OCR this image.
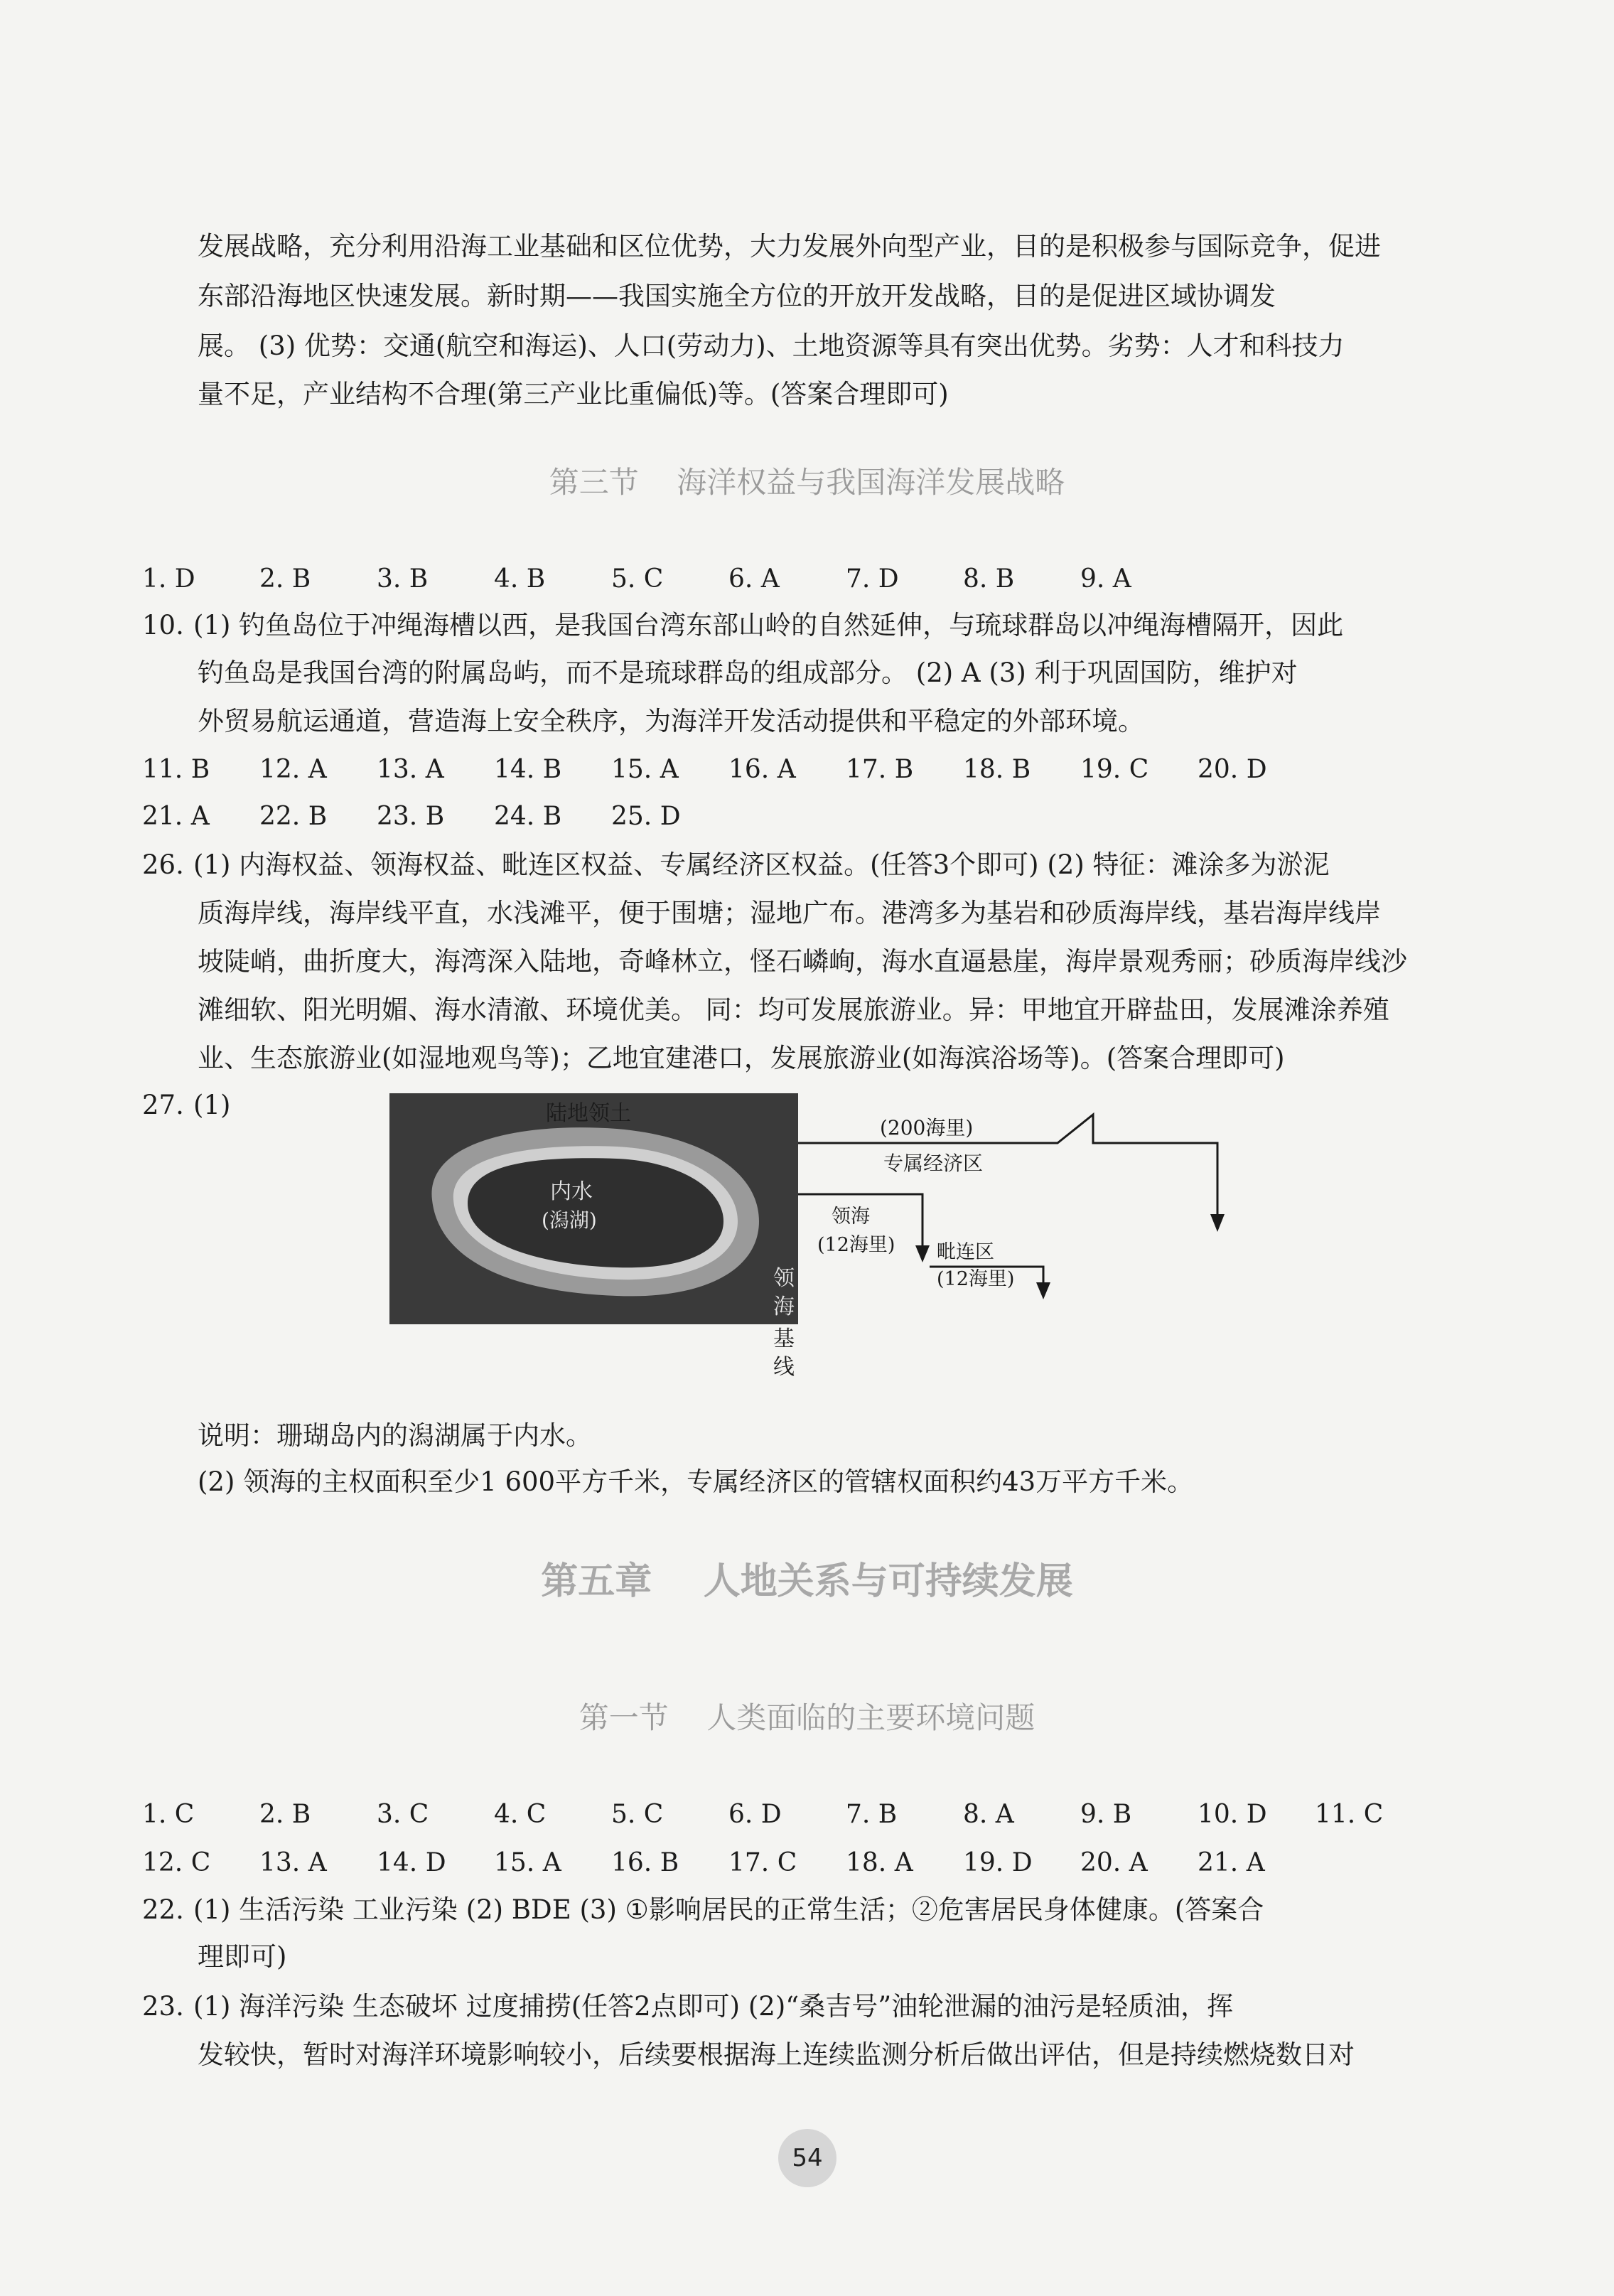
发展战略，充分利用沿海工业基础和区位优势，大力发展外向型产业，目的是积极参与国际竞争，促进
东部沿海地区快速发展。新时期——我国实施全方位的开放开发战略，目的是促进区域协调发
展。 (3) 优势：交通(航空和海运)、人口(劳动力)、土地资源等具有突出优势。劣势：人才和科技力
量不足，产业结构不合理(第三产业比重偏低)等。(答案合理即可)
第三节    海洋权益与我国海洋发展战略
1. D	2. B	3. B	4. B	5. C	6. A	7. D	8. B	9. A
10. (1) 钓鱼岛位于冲绳海槽以西，是我国台湾东部山岭的自然延伸，与琉球群岛以冲绳海槽隔开，因此
钓鱼岛是我国台湾的附属岛屿，而不是琉球群岛的组成部分。 (2) A (3) 利于巩固国防，维护对
外贸易航运通道，营造海上安全秩序，为海洋开发活动提供和平稳定的外部环境。
11. B 12. A 13. A 14. B 15. A 16. A 17. B 18. B 19. C 20. D
21. A 22. B 23. B 24. B 25. D
26. (1) 内海权益、领海权益、毗连区权益、专属经济区权益。(任答3个即可) (2) 特征：滩涂多为淤泥
质海岸线，海岸线平直，水浅滩平，便于围塘；湿地广布。港湾多为基岩和砂质海岸线，基岩海岸线岸
坡陡峭，曲折度大，海湾深入陆地，奇峰林立，怪石嶙峋，海水直逼悬崖，海岸景观秀丽；砂质海岸线沙
滩细软、阳光明媚、海水清澈、环境优美。 同：均可发展旅游业。异：甲地宜开辟盐田，发展滩涂养殖
业、生态旅游业(如湿地观鸟等)；乙地宜建港口，发展旅游业(如海滨浴场等)。(答案合理即可)
27. (1)	陆地领土
内水
(潟湖)
领
海
基
线
(200海里)
专属经济区
领海
(12海里) 毗连区
(12海里)
说明：珊瑚岛内的潟湖属于内水。
(2) 领海的主权面积至少1 600平方千米，专属经济区的管辖权面积约43万平方千米。
第五章    人地关系与可持续发展
第一节    人类面临的主要环境问题
1. C	2. B	3. C	4. C	5. C	6. D	7. B	8. A	9. B	10. D 11. C
12. C 13. A 14. D 15. A 16. B 17. C 18. A 19. D 20. A 21. A
22. (1) 生活污染 工业污染 (2) BDE (3) ①影响居民的正常生活；②危害居民身体健康。(答案合
理即可)
23. (1) 海洋污染 生态破坏 过度捕捞(任答2点即可) (2)“桑吉号”油轮泄漏的油污是轻质油，挥
发较快，暂时对海洋环境影响较小，后续要根据海上连续监测分析后做出评估，但是持续燃烧数日对
54
